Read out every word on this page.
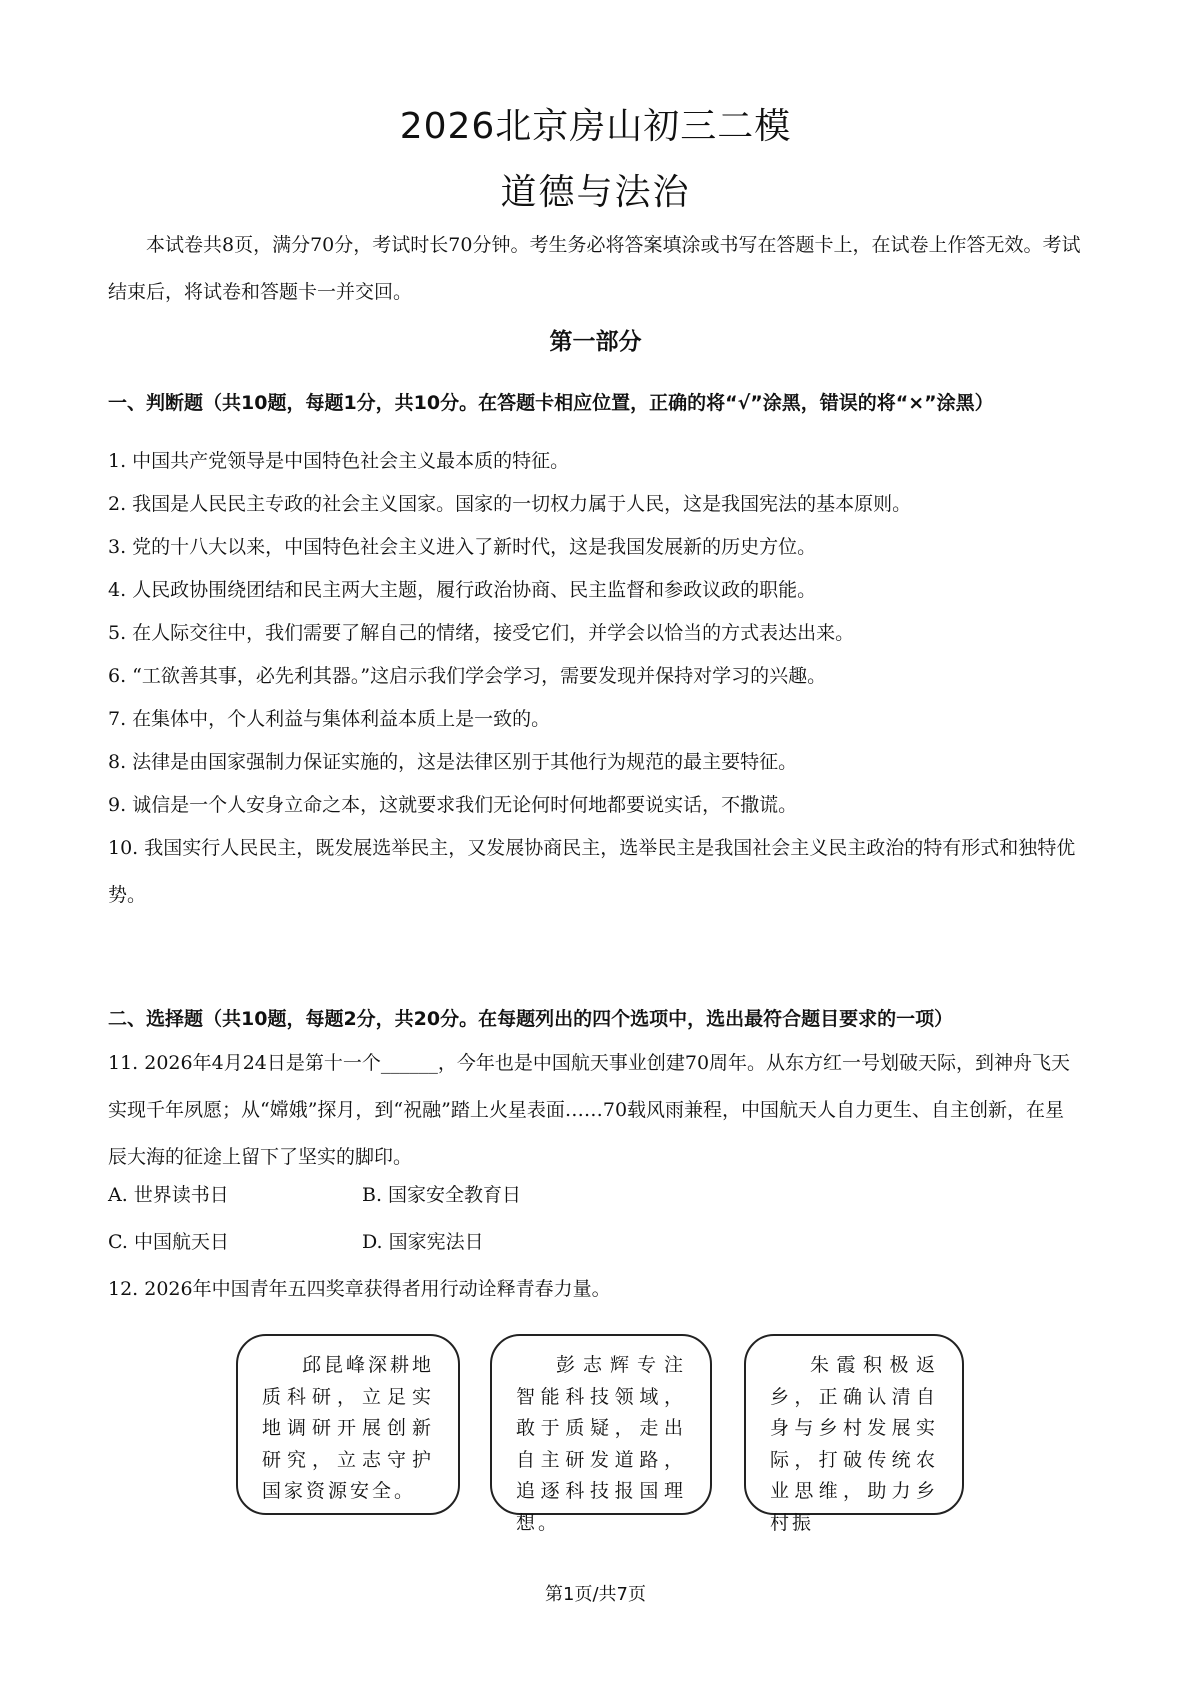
2026北京房山初三二模
道德与法治
本试卷共8页，满分70分，考试时长70分钟。考生务必将答案填涂或书写在答题卡上，在试卷上作答无效。考试结束后，将试卷和答题卡一并交回。
第一部分
一、判断题（共10题，每题1分，共10分。在答题卡相应位置，正确的将“√”涂黑，错误的将“×”涂黑）
1. 中国共产党领导是中国特色社会主义最本质的特征。
2. 我国是人民民主专政的社会主义国家。国家的一切权力属于人民，这是我国宪法的基本原则。
3. 党的十八大以来，中国特色社会主义进入了新时代，这是我国发展新的历史方位。
4. 人民政协围绕团结和民主两大主题，履行政治协商、民主监督和参政议政的职能。
5. 在人际交往中，我们需要了解自己的情绪，接受它们，并学会以恰当的方式表达出来。
6. “工欲善其事，必先利其器。”这启示我们学会学习，需要发现并保持对学习的兴趣。
7. 在集体中，个人利益与集体利益本质上是一致的。
8. 法律是由国家强制力保证实施的，这是法律区别于其他行为规范的最主要特征。
9. 诚信是一个人安身立命之本，这就要求我们无论何时何地都要说实话，不撒谎。
10. 我国实行人民民主，既发展选举民主，又发展协商民主，选举民主是我国社会主义民主政治的特有形式和独特优势。
二、选择题（共10题，每题2分，共20分。在每题列出的四个选项中，选出最符合题目要求的一项）
11. 2026年4月24日是第十一个______，今年也是中国航天事业创建70周年。从东方红一号划破天际，到神舟飞天实现千年夙愿；从“嫦娥”探月，到“祝融”踏上火星表面……70载风雨兼程，中国航天人自力更生、自主创新，在星辰大海的征途上留下了坚实的脚印。
A. 世界读书日	B. 国家安全教育日
C. 中国航天日	D. 国家宪法日
12. 2026年中国青年五四奖章获得者用行动诠释青春力量。
邱昆峰深耕地质科研，立足实地调研开展创新研究，立志守护国家资源安全。
彭志辉专注智能科技领域，敢于质疑，走出自主研发道路，追逐科技报国理想。
朱霞积极返乡，正确认清自身与乡村发展实际，打破传统农业思维，助力乡村振
第1页/共7页
